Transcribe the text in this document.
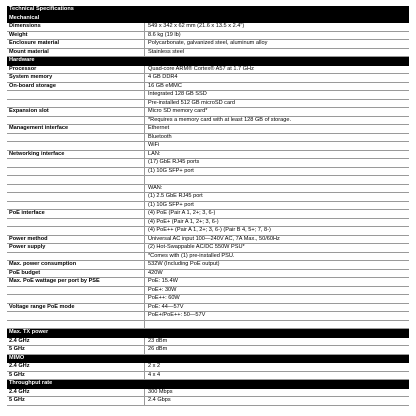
Technical Specifications
Mechanical
Dimensions	549 x 342 x 62 mm (21.6 x 13.5 x 2.4")
Weight	8.6 kg (19 lb)
Enclosure material	Polycarbonate, galvanized steel, aluminum alloy
Mount material	Stainless steel
Hardware
Processor	Quad-core ARM® Cortex® A57 at 1.7 GHz
System memory	4 GB DDR4
On-board storage	16 GB eMMC
Integrated 128 GB SSD
Pre-installed 512 GB microSD card
Expansion slot	Micro SD memory card*
*Requires a memory card with at least 128 GB of storage.
Management interface	Ethernet
Bluetooth
WiFi
Networking interface	LAN:
(17) GbE RJ45 ports
(1) 10G SFP+ port
WAN:
(1) 2.5 GbE RJ45 port
(1) 10G SFP+ port
PoE interface	(4) PoE (Pair A 1, 2+; 3, 6-)
(4) PoE+ (Pair A 1, 2+; 3, 6-)
(4) PoE++ (Pair A 1, 2+; 3, 6-) (Pair B 4, 5+; 7, 8-)
Power method	Universal AC input 100—240V AC, 7A Max., 50/60Hz
Power supply	(2) Hot-Swappable AC/DC 550W PSU*
*Comes with (1) pre-installed PSU.
Max. power consumption	532W (Including PoE output)
PoE budget	420W
Max. PoE wattage per port by PSE	PoE: 15.4W
PoE+: 30W
PoE++: 60W
Voltage range PoE mode	PoE: 44—57V
PoE+/PoE++: 50—57V
Max. TX power
2.4 GHz	23 dBm
5 GHz	26 dBm
MIMO
2.4 GHz	2 x 2
5 GHz	4 x 4
Throughput rate
2.4 GHz	300 Mbps
5 GHz	2.4 Gbps
